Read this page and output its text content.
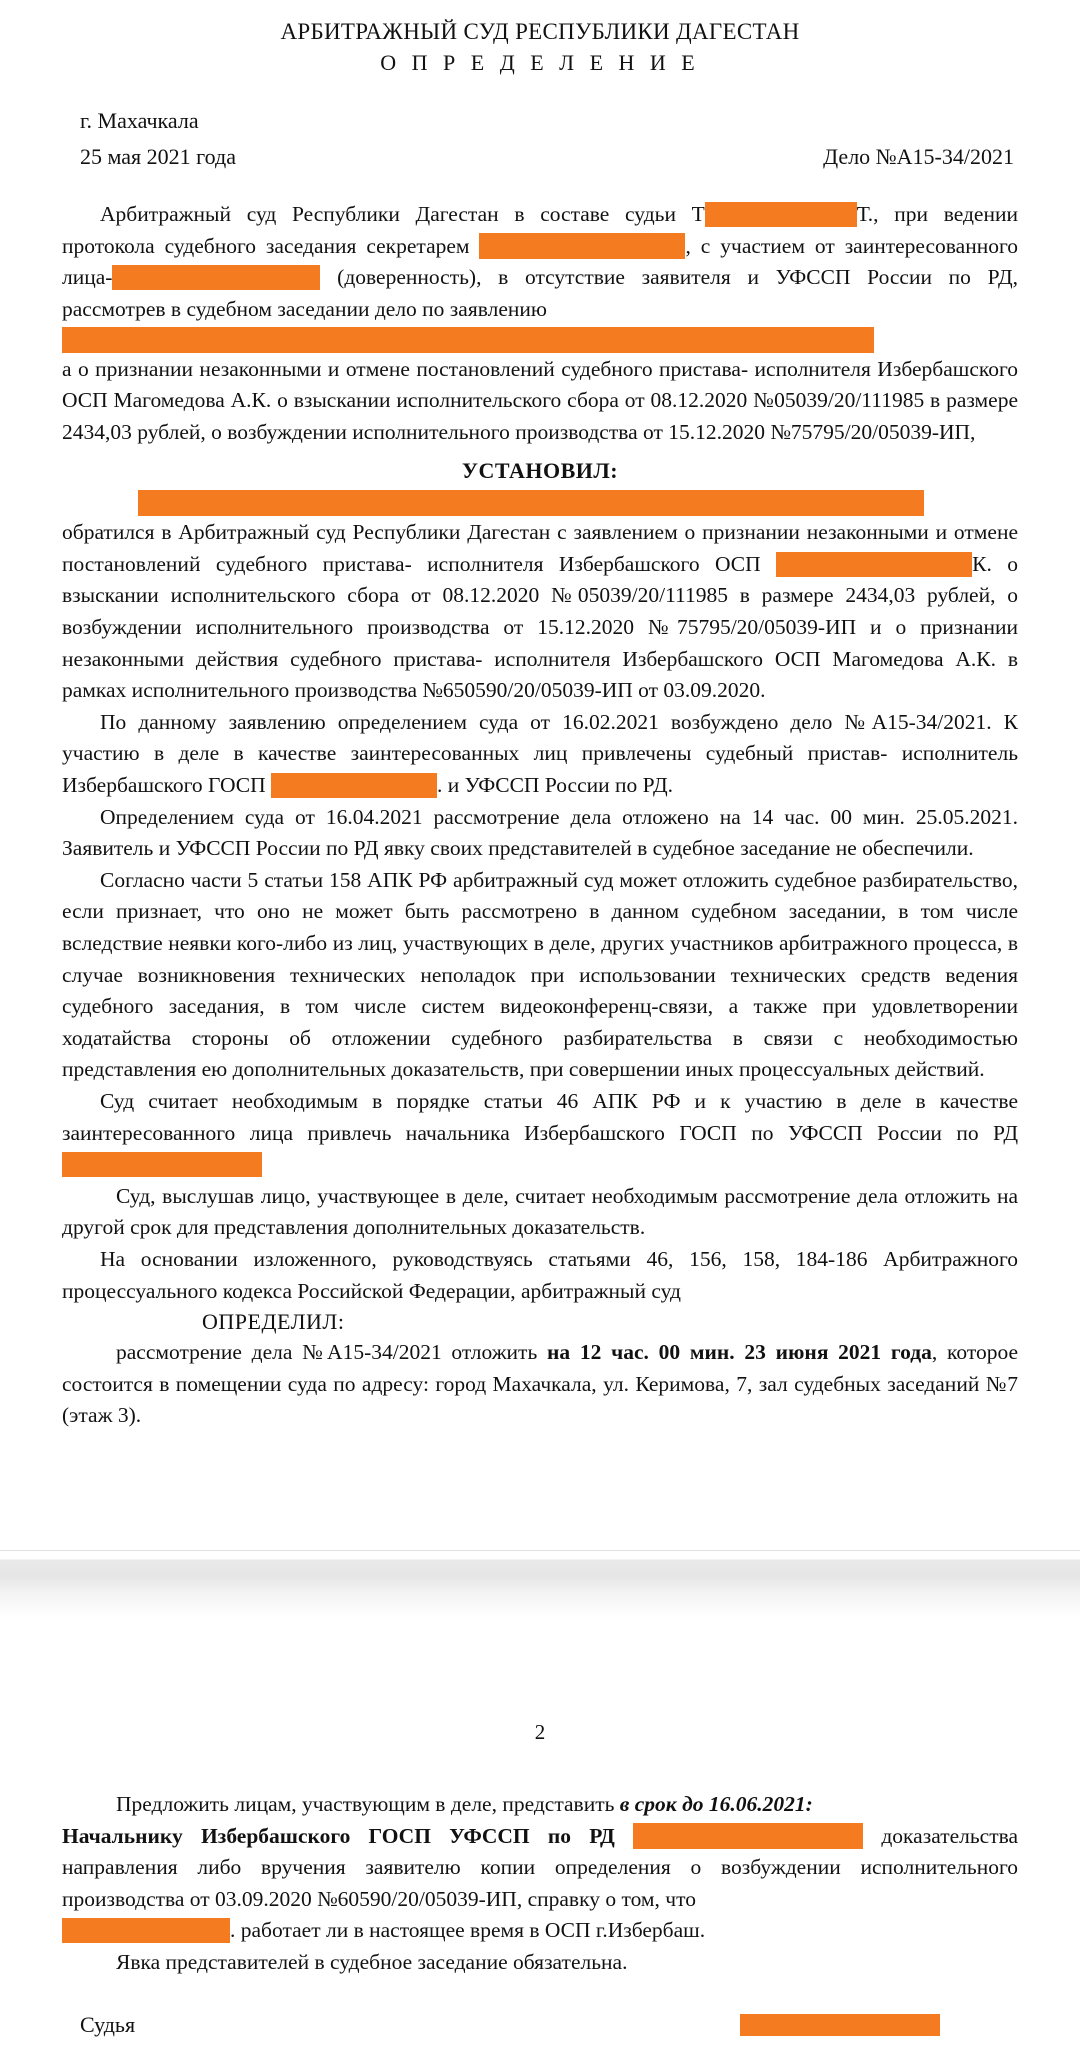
АРБИТРАЖНЫЙ СУД РЕСПУБЛИКИ ДАГЕСТАН
О П Р Е Д Е Л Е Н И Е
г. Махачкала
25 мая 2021 года	Дело №А15-34/2021

Арбитражный суд Республики Дагестан в составе судьи Т	Т., при ведении протокола судебного заседания секретарем	, с участием от заинтересованного лица-	(доверенность), в отсутствие заявителя и УФССП России по РД, рассмотрев в судебном заседании дело по заявлению

а о признании незаконными и отмене постановлений судебного пристава- исполнителя Избербашского ОСП Магомедова А.К. о взыскании исполнительского сбора от 08.12.2020 №05039/20/111985 в размере 2434,03 рублей, о возбуждении исполнительного производства от 15.12.2020 №75795/20/05039-ИП,

УСТАНОВИЛ:

обратился в Арбитражный суд Республики Дагестан с заявлением о признании незаконными и отмене постановлений судебного пристава- исполнителя Избербашского ОСП	К. о взыскании исполнительского сбора от 08.12.2020 №05039/20/111985 в размере 2434,03 рублей, о возбуждении исполнительного производства от 15.12.2020 №75795/20/05039-ИП и о признании незаконными действия судебного пристава- исполнителя Избербашского ОСП Магомедова А.К. в рамках исполнительного производства №650590/20/05039-ИП от 03.09.2020.

По данному заявлению определением суда от 16.02.2021 возбуждено дело №А15-34/2021. К участию в деле в качестве заинтересованных лиц привлечены судебный пристав- исполнитель Избербашского ГОСП	. и УФССП России по РД.

Определением суда от 16.04.2021 рассмотрение дела отложено на 14 час. 00 мин. 25.05.2021. Заявитель и УФССП России по РД явку своих представителей в судебное заседание не обеспечили.

Согласно части 5 статьи 158 АПК РФ арбитражный суд может отложить судебное разбирательство, если признает, что оно не может быть рассмотрено в данном судебном заседании, в том числе вследствие неявки кого-либо из лиц, участвующих в деле, других участников арбитражного процесса, в случае возникновения технических неполадок при использовании технических средств ведения судебного заседания, в том числе систем видеоконференц-связи, а также при удовлетворении ходатайства стороны об отложении судебного разбирательства в связи с необходимостью представления ею дополнительных доказательств, при совершении иных процессуальных действий.

Суд считает необходимым в порядке статьи 46 АПК РФ и к участию в деле в качестве заинтересованного лица привлечь начальника Избербашского ГОСП по УФССП России по РД

Суд, выслушав лицо, участвующее в деле, считает необходимым рассмотрение дела отложить на другой срок для представления дополнительных доказательств.

На основании изложенного, руководствуясь статьями 46, 156, 158, 184-186 Арбитражного процессуального кодекса Российской Федерации, арбитражный суд

ОПРЕДЕЛИЛ:

рассмотрение дела №А15-34/2021 отложить на 12 час. 00 мин. 23 июня 2021 года, которое состоится в помещении суда по адресу: город Махачкала, ул. Керимова, 7, зал судебных заседаний №7 (этаж 3).

2

Предложить лицам, участвующим в деле, представить в срок до 16.06.2021:

Начальнику Избербашского ГОСП УФССП по РД	доказательства направления либо вручения заявителю копии определения о возбуждении исполнительного производства от 03.09.2020 №60590/20/05039-ИП, справку о том, что
. работает ли в настоящее время в ОСП г.Избербаш.

Явка представителей в судебное заседание обязательна.

Судья
